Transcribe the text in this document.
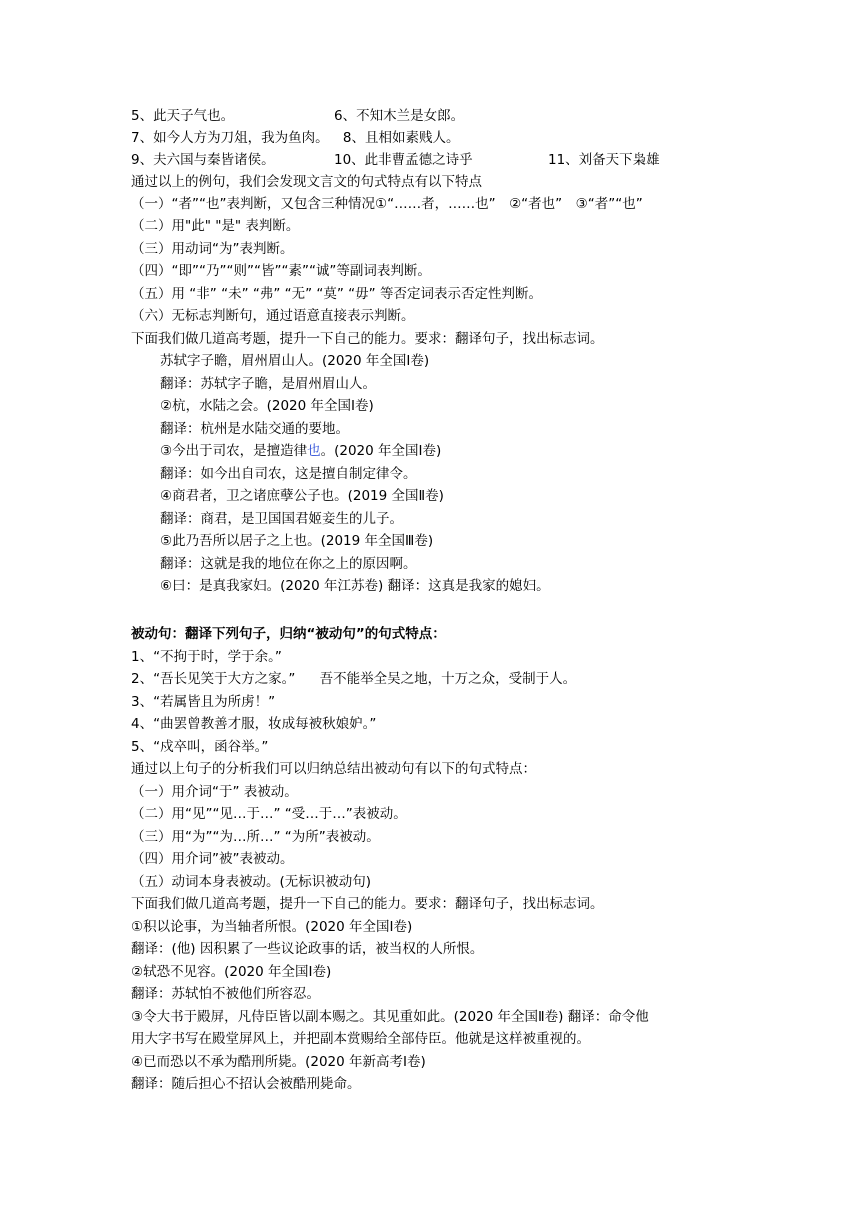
5、此天子气也。	6、不知木兰是女郎。
7、如今人方为刀俎，我为鱼肉。 8、且相如素贱人。
9、夫六国与秦皆诸侯。	10、此非曹孟德之诗乎	11、刘备天下枭雄
通过以上的例句，我们会发现文言文的句式特点有以下特点
（一）“者”“也”表判断，又包含三种情况①“……者，……也”　②“者也”　③“者”“也”
（二）用"此" "是" 表判断。
（三）用动词“为”表判断。
（四）“即”“乃”“则”“皆”“素”“诚”等副词表判断。
（五）用 “非” “未” “弗” “无” “莫” “毋” 等否定词表示否定性判断。
（六）无标志判断句，通过语意直接表示判断。
下面我们做几道高考题，提升一下自己的能力。要求：翻译句子，找出标志词。
苏轼字子瞻，眉州眉山人。(2020 年全国Ⅰ卷)
翻译：苏轼字子瞻，是眉州眉山人。
②杭，水陆之会。(2020 年全国Ⅰ卷)
翻译：杭州是水陆交通的要地。
③今出于司农，是擅造律也。(2020 年全国Ⅰ卷)
翻译：如今出自司农，这是擅自制定律令。
④商君者，卫之诸庶孽公子也。(2019 全国Ⅱ卷)
翻译：商君，是卫国国君姬妾生的儿子。
⑤此乃吾所以居子之上也。(2019 年全国Ⅲ卷)
翻译：这就是我的地位在你之上的原因啊。
⑥曰：是真我家妇。(2020 年江苏卷) 翻译：这真是我家的媳妇。
被动句：翻译下列句子，归纳“被动句”的句式特点：
1、“不拘于时，学于余。”
2、“吾长见笑于大方之家。” 吾不能举全吴之地，十万之众，受制于人。
3、“若属皆且为所虏！”
4、“曲罢曾教善才服，妆成每被秋娘妒。”
5、“戍卒叫，函谷举。”
通过以上句子的分析我们可以归纳总结出被动句有以下的句式特点：
（一）用介词“于” 表被动。
（二）用“见”“见…于…” “受…于…”表被动。
（三）用“为”“为…所…” “为所”表被动。
（四）用介词”被”表被动。
（五）动词本身表被动。(无标识被动句)
下面我们做几道高考题，提升一下自己的能力。要求：翻译句子，找出标志词。
①积以论事，为当轴者所恨。(2020 年全国Ⅰ卷)
翻译：(他) 因积累了一些议论政事的话，被当权的人所恨。
②轼恐不见容。(2020 年全国Ⅰ卷)
翻译：苏轼怕不被他们所容忍。
③令大书于殿屏，凡侍臣皆以副本赐之。其见重如此。(2020 年全国Ⅱ卷) 翻译：命令他
用大字书写在殿堂屏风上，并把副本赏赐给全部侍臣。他就是这样被重视的。
④已而恐以不承为酷刑所毙。(2020 年新高考Ⅰ卷)
翻译：随后担心不招认会被酷刑毙命。
